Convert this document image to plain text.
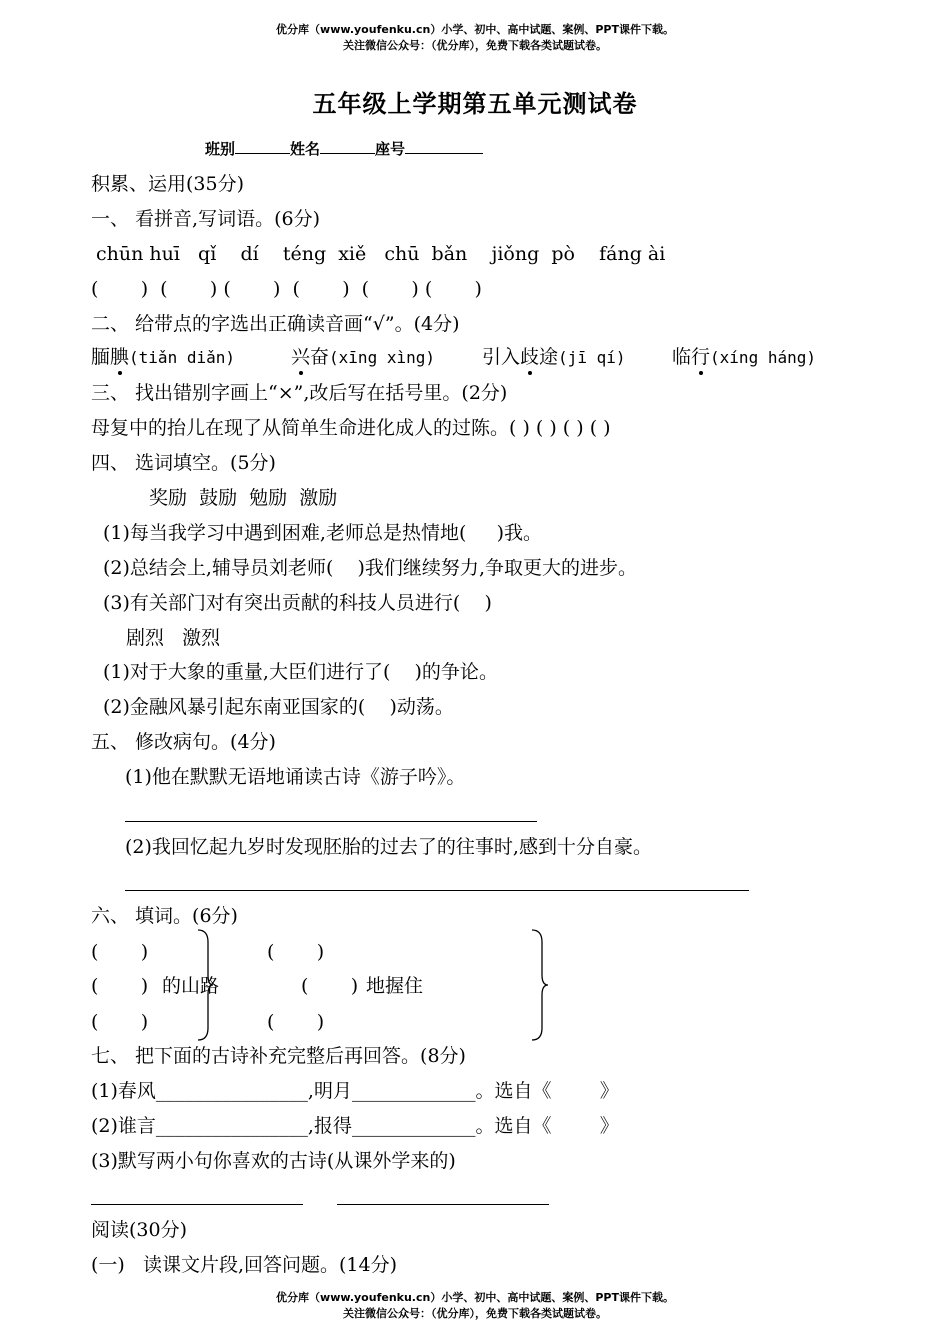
优分库（www.youfenku.cn）小学、初中、高中试题、案例、PPT课件下载。
关注微信公众号：（优分库），免费下载各类试题试卷。
五年级上学期第五单元测试卷
班别	姓名	座号
积累、运用(35分)
一、 看拼音,写词语。(6分)
chūn huī   qǐ    dí    téng  xiě   chū  bǎn    jiǒng  pò    fáng ài
(       )  (       ) (       )  (       )  (       ) (       )
二、 给带点的字选出正确读音画“√”。(4分)
腼腆(tiǎn diǎn)	兴奋(xīng xìng) 引入歧途(jī qí) 临行(xíng háng)
三、 找出错别字画上“×”,改后写在括号里。(2分)
母复中的抬儿在现了从简单生命进化成人的过陈。( ) ( ) ( ) ( )
四、 选词填空。(5分)
奖励  鼓励  勉励  激励
(1)每当我学习中遇到困难,老师总是热情地(     )我。
(2)总结会上,辅导员刘老师(    )我们继续努力,争取更大的进步。
(3)有关部门对有突出贡献的科技人员进行(    )
剧烈   激烈
(1)对于大象的重量,大臣们进行了(    )的争论。
(2)金融风暴引起东南亚国家的(    )动荡。
五、 修改病句。(4分)
(1)他在默默无语地诵读古诗《游子吟》。
(2)我回忆起九岁时发现胚胎的过去了的往事时,感到十分自豪。
六、 填词。(6分)
(       )
(       )
(       )
的山路
(       )
(       )
(       )
地握住
七、 把下面的古诗补充完整后再回答。(8分)
(1)春风________________,明月_____________。选自《        》
(2)谁言________________,报得_____________。选自《        》
(3)默写两小句你喜欢的古诗(从课外学来的)
阅读(30分)
(一)   读课文片段,回答问题。(14分)
优分库（www.youfenku.cn）小学、初中、高中试题、案例、PPT课件下载。
关注微信公众号：（优分库），免费下载各类试题试卷。
